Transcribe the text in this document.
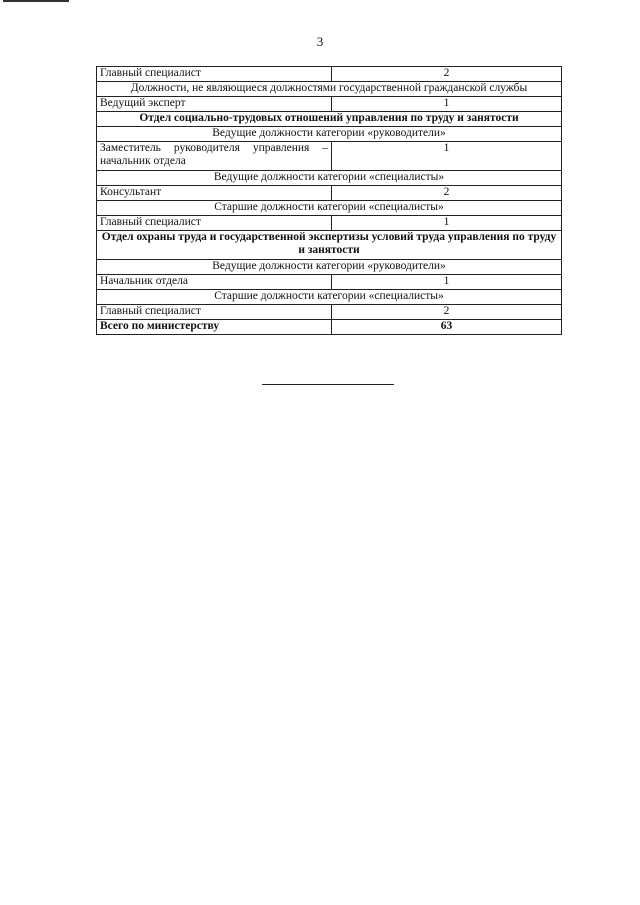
3
Главный специалист	2
Должности, не являющиеся должностями государственной гражданской службы	
Ведущий эксперт	1
Отдел социально-трудовых отношений управления по труду и занятости	
Ведущие должности категории «руководители»	
Заместитель руководителя управления – начальник отдела	1
Ведущие должности категории «специалисты»	
Консультант	2
Старшие должности категории «специалисты»	
Главный специалист	1
Отдел охраны труда и государственной экспертизы условий труда управления по труду и занятости	
Ведущие должности категории «руководители»	
Начальник отдела	1
Старшие должности категории «специалисты»	
Главный специалист	2
Всего по министерству	63
